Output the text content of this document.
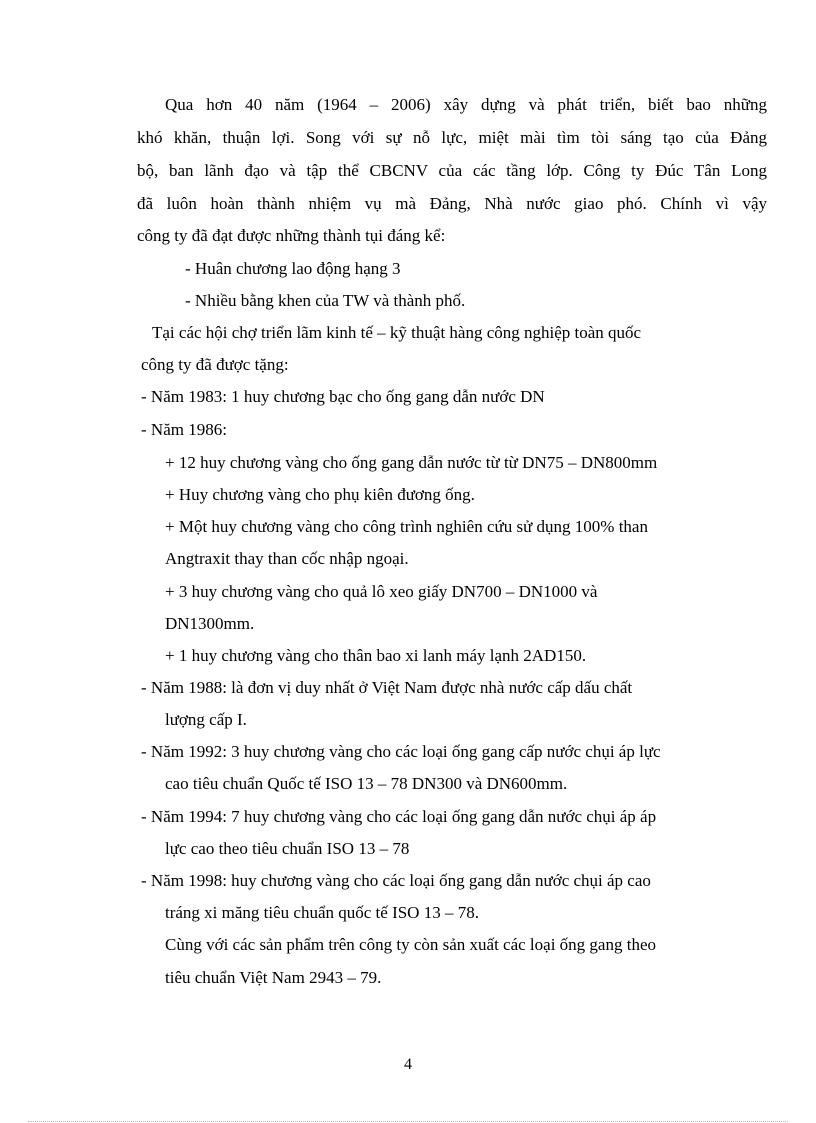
Qua hơn 40 năm (1964 – 2006) xây dựng và phát triển, biết bao những
khó khăn, thuận lợi. Song với sự nỗ lực, miệt mài tìm tòi sáng tạo của Đảng
bộ, ban lãnh đạo và tập thể CBCNV của các tầng lớp. Công ty Đúc Tân Long
đã luôn hoàn thành nhiệm vụ mà Đảng, Nhà nước giao phó. Chính vì vậy
công ty đã đạt được những thành tụi đáng kể:
- Huân chương lao động hạng 3
- Nhiều bằng khen của TW và thành phố.
Tại các hội chợ triển lãm kinh tế – kỹ thuật hàng công nghiệp toàn quốc
công ty đã được tặng:
- Năm 1983: 1 huy chương bạc cho ống gang dẫn nước DN
- Năm 1986:
+ 12 huy chương vàng cho ống gang dẫn nước từ từ DN75 – DN800mm
+ Huy chương vàng cho phụ kiên đương ống.
+ Một huy chương vàng cho công trình nghiên cứu sử dụng 100% than
Angtraxit thay than cốc nhập ngoại.
+ 3 huy chương vàng cho quả lô xeo giấy DN700 – DN1000 và
DN1300mm.
+ 1 huy chương vàng cho thân bao xi lanh máy lạnh 2AD150.
- Năm 1988: là đơn vị duy nhất ở Việt Nam được nhà nước cấp dấu chất
lượng cấp I.
- Năm 1992: 3 huy chương vàng cho các loại ống gang cấp nước chụi áp lực
cao tiêu chuẩn Quốc tế ISO 13 – 78 DN300 và DN600mm.
- Năm 1994: 7 huy chương vàng cho các loại ống gang dẫn nước chụi áp áp
lực cao theo tiêu chuẩn ISO 13 – 78
- Năm 1998: huy chương vàng cho các loại ống gang dẫn nước chụi áp cao
tráng xi măng tiêu chuẩn quốc tế ISO 13 – 78.
Cùng với các sản phẩm trên công ty còn sản xuất các loại ống gang theo
tiêu chuẩn Việt Nam 2943 – 79.
4
